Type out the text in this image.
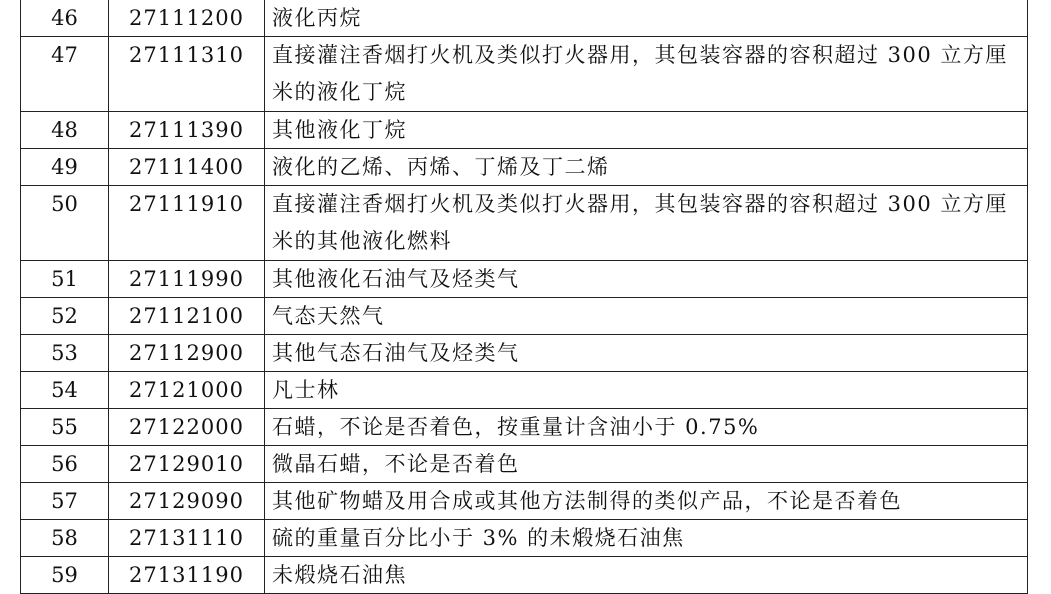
46	27111200	液化丙烷
47	27111310	直接灌注香烟打火机及类似打火器用，其包装容器的容积超过 300 立方厘米的液化丁烷
48	27111390	其他液化丁烷
49	27111400	液化的乙烯、丙烯、丁烯及丁二烯
50	27111910	直接灌注香烟打火机及类似打火器用，其包装容器的容积超过 300 立方厘米的其他液化燃料
51	27111990	其他液化石油气及烃类气
52	27112100	气态天然气
53	27112900	其他气态石油气及烃类气
54	27121000	凡士林
55	27122000	石蜡，不论是否着色，按重量计含油小于 0.75%
56	27129010	微晶石蜡，不论是否着色
57	27129090	其他矿物蜡及用合成或其他方法制得的类似产品，不论是否着色
58	27131110	硫的重量百分比小于 3% 的未煅烧石油焦
59	27131190	未煅烧石油焦
